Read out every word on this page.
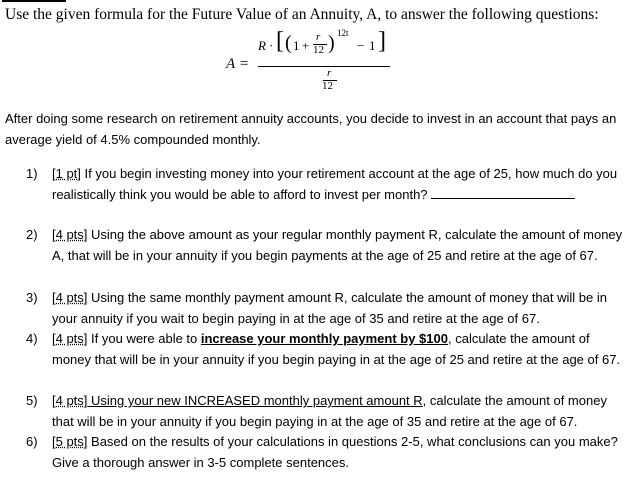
Use the given formula for the Future Value of an Annuity, A, to answer the following questions:
A =
R · [ ( 1 +
r
12 ) 12t
− 1 ]
r
12
After doing some research on retirement annuity accounts, you decide to invest in an account that pays an average yield of 4.5% compounded monthly.
1)	[1 pt] If you begin investing money into your retirement account at the age of 25, how much do you realistically think you would be able to afford to invest per month?
2)	[4 pts] Using the above amount as your regular monthly payment R, calculate the amount of money A, that will be in your annuity if you begin payments at the age of 25 and retire at the age of 67.
3)	[4 pts] Using the same monthly payment amount R, calculate the amount of money that will be in your annuity if you wait to begin paying in at the age of 35 and retire at the age of 67.
4)	[4 pts] If you were able to increase your monthly payment by $100, calculate the amount of money that will be in your annuity if you begin paying in at the age of 25 and retire at the age of 67.
5)	[4 pts] Using your new INCREASED monthly payment amount R, calculate the amount of money that will be in your annuity if you begin paying in at the age of 35 and retire at the age of 67.
6)	[5 pts] Based on the results of your calculations in questions 2-5, what conclusions can you make? Give a thorough answer in 3-5 complete sentences.
